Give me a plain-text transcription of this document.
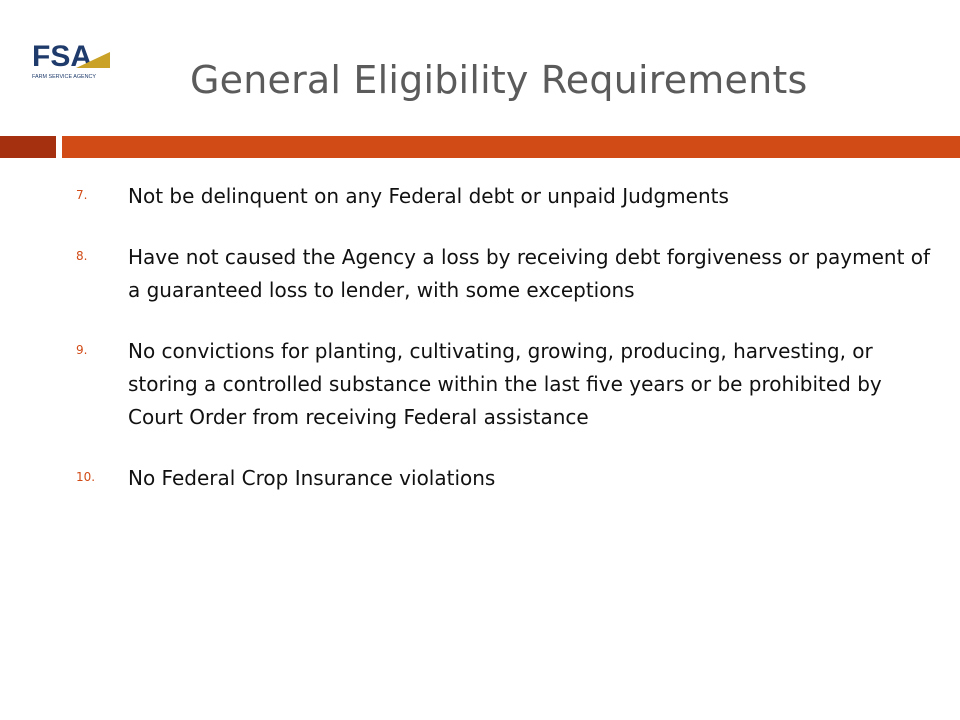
FSA
FARM SERVICE AGENCY General Eligibility Requirements
7. Not be delinquent on any Federal debt or unpaid Judgments
8. Have not caused the Agency a loss by receiving debt forgiveness or payment of a guaranteed loss to lender, with some exceptions
9. No convictions for planting, cultivating, growing, producing, harvesting, or storing a controlled substance within the last five years or be prohibited by Court Order from receiving Federal assistance
10. No Federal Crop Insurance violations
